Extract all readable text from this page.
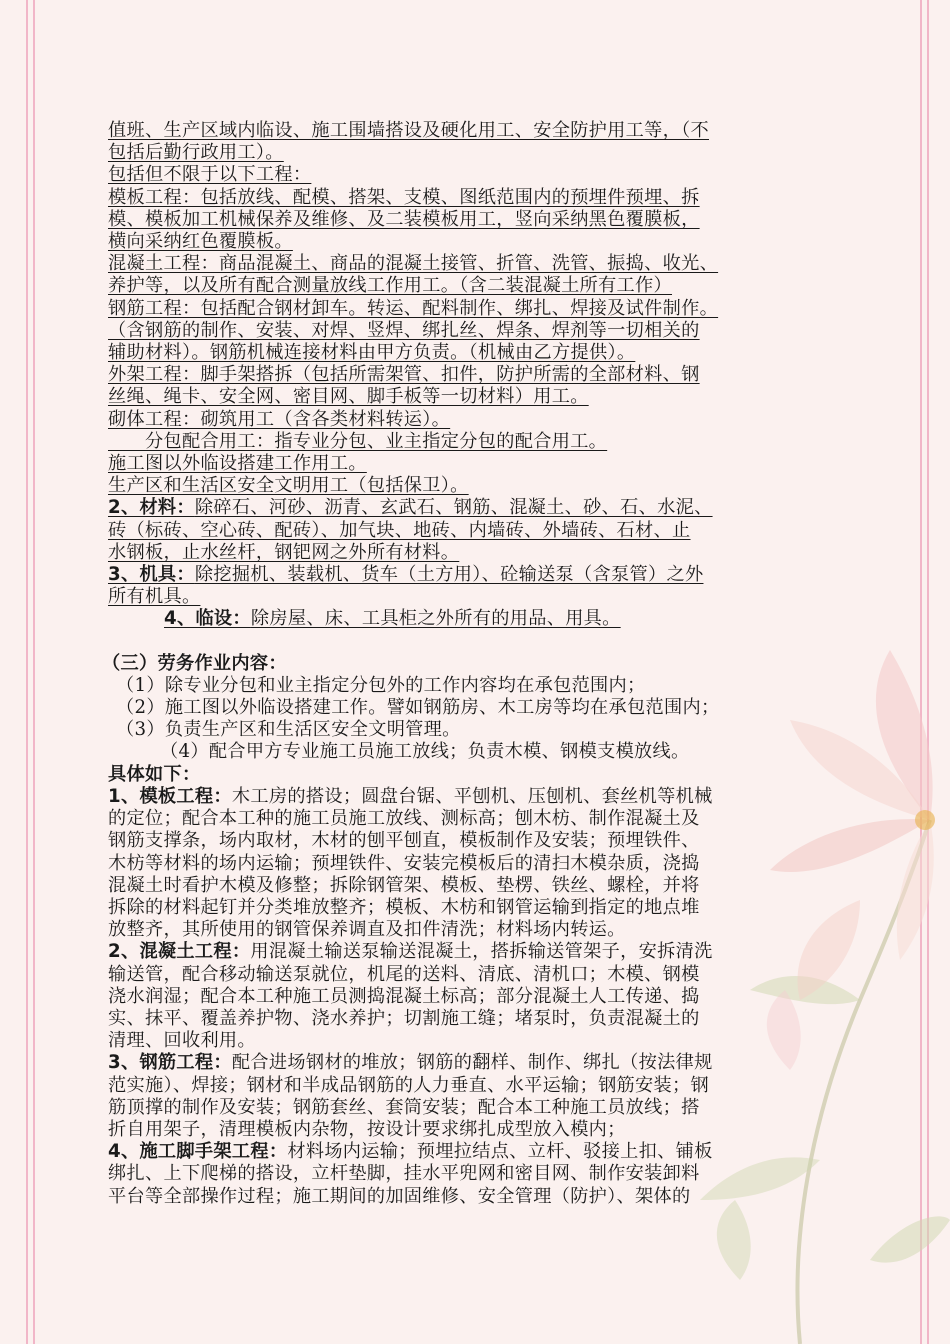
值班、生产区域内临设、施工围墙搭设及硬化用工、安全防护用工等，（不
包括后勤行政用工）。
包括但不限于以下工程：
模板工程：包括放线、配模、搭架、支模、图纸范围内的预埋件预埋、拆
模、模板加工机械保养及维修、及二装模板用工，竖向采纳黑色覆膜板，
横向采纳红色覆膜板。
混凝土工程：商品混凝土、商品的混凝土接管、折管、洗管、振捣、收光、
养护等，以及所有配合测量放线工作用工。（含二装混凝土所有工作）
钢筋工程：包括配合钢材卸车。转运、配料制作、绑扎、焊接及试件制作。
（含钢筋的制作、安装、对焊、竖焊、绑扎丝、焊条、焊剂等一切相关的
辅助材料）。钢筋机械连接材料由甲方负责。（机械由乙方提供）。
外架工程：脚手架搭拆（包括所需架管、扣件，防护所需的全部材料、钢
丝绳、绳卡、安全网、密目网、脚手板等一切材料）用工。
砌体工程：砌筑用工（含各类材料转运）。
　　分包配合用工：指专业分包、业主指定分包的配合用工。
施工图以外临设搭建工作用工。
生产区和生活区安全文明用工（包括保卫）。
2、材料：除碎石、河砂、沥青、玄武石、钢筋、混凝土、砂、石、水泥、
砖（标砖、空心砖、配砖）、加气块、地砖、内墙砖、外墙砖、石材、止
水钢板，止水丝杆，钢钯网之外所有材料。
3、机具：除挖掘机、装载机、货车（土方用）、砼输送泵（含泵管）之外
所有机具。
4、临设：除房屋、床、工具柜之外所有的用品、用具。
（三）劳务作业内容：
（1）除专业分包和业主指定分包外的工作内容均在承包范围内；
（2）施工图以外临设搭建工作。譬如钢筋房、木工房等均在承包范围内；
（3）负责生产区和生活区安全文明管理。
（4）配合甲方专业施工员施工放线；负责木模、钢模支模放线。
具体如下：
1、模板工程：木工房的搭设；圆盘台锯、平刨机、压刨机、套丝机等机械
的定位；配合本工种的施工员施工放线、测标高；刨木枋、制作混凝土及
钢筋支撑条，场内取材，木材的刨平刨直，模板制作及安装；预埋铁件、
木枋等材料的场内运输；预埋铁件、安装完模板后的清扫木模杂质，浇捣
混凝土时看护木模及修整；拆除钢管架、模板、垫楞、铁丝、螺栓，并将
拆除的材料起钉并分类堆放整齐；模板、木枋和钢管运输到指定的地点堆
放整齐，其所使用的钢管保养调直及扣件清洗；材料场内转运。
2、混凝土工程：用混凝土输送泵输送混凝土，搭拆输送管架子，安拆清洗
输送管，配合移动输送泵就位，机尾的送料、清底、清机口；木模、钢模
浇水润湿；配合本工种施工员测捣混凝土标高；部分混凝土人工传递、捣
实、抹平、覆盖养护物、浇水养护；切割施工缝；堵泵时，负责混凝土的
清理、回收利用。
3、钢筋工程：配合进场钢材的堆放；钢筋的翻样、制作、绑扎（按法律规
范实施）、焊接；钢材和半成品钢筋的人力垂直、水平运输；钢筋安装；钢
筋顶撑的制作及安装；钢筋套丝、套筒安装；配合本工种施工员放线；搭
折自用架子，清理模板内杂物，按设计要求绑扎成型放入模内；
4、施工脚手架工程：材料场内运输；预埋拉结点、立杆、驳接上扣、铺板
绑扎、上下爬梯的搭设，立杆垫脚，挂水平兜网和密目网、制作安装卸料
平台等全部操作过程；施工期间的加固维修、安全管理（防护）、架体的
